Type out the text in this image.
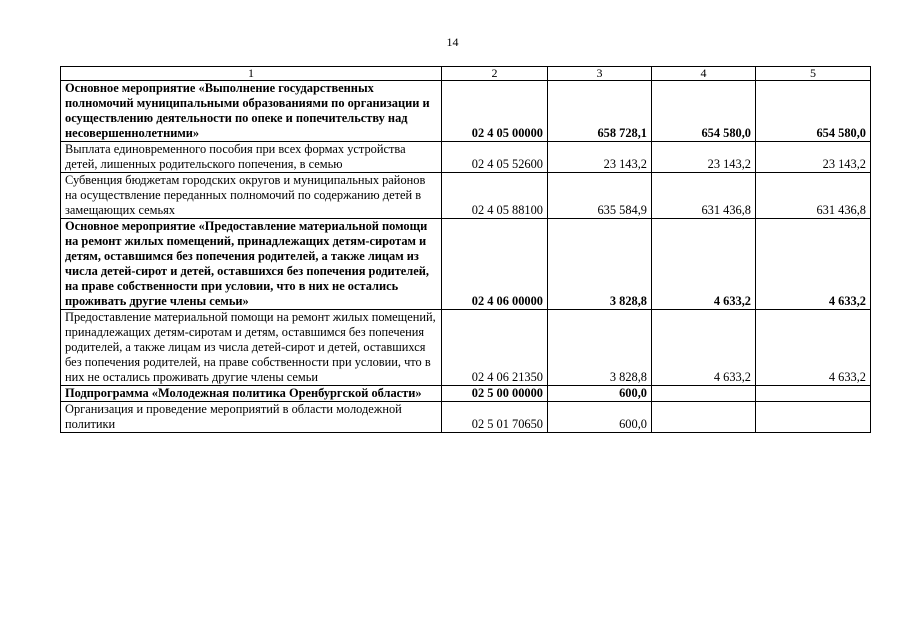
14
1	2	3	4	5
Основное мероприятие «Выполнение государственных полномочий муниципальными образованиями по организации и осуществлению деятельности по опеке и попечительству над несовершеннолетними»	02 4 05 00000	658 728,1	654 580,0	654 580,0
Выплата единовременного пособия при всех формах устройства детей, лишенных родительского попечения, в семью	02 4 05 52600	23 143,2	23 143,2	23 143,2
Субвенция бюджетам городских округов и муниципальных районов на осуществление переданных полномочий по содержанию детей в замещающих семьях	02 4 05 88100	635 584,9	631 436,8	631 436,8
Основное мероприятие «Предоставление материальной помощи на ремонт жилых помещений, принадлежащих детям-сиротам и детям, оставшимся без попечения родителей, а также лицам из числа детей-сирот и детей, оставшихся без попечения родителей, на праве собственности при условии, что в них не остались проживать другие члены семьи»	02 4 06 00000	3 828,8	4 633,2	4 633,2
Предоставление материальной помощи на ремонт жилых помещений, принадлежащих детям-сиротам и детям, оставшимся без попечения родителей, а также лицам из числа детей-сирот и детей, оставшихся без попечения родителей, на праве собственности при условии, что в них не остались проживать другие члены семьи	02 4 06 21350	3 828,8	4 633,2	4 633,2
Подпрограмма «Молодежная политика Оренбургской области»	02 5 00 00000	600,0		
Организация и проведение мероприятий в области молодежной политики	02 5 01 70650	600,0		
